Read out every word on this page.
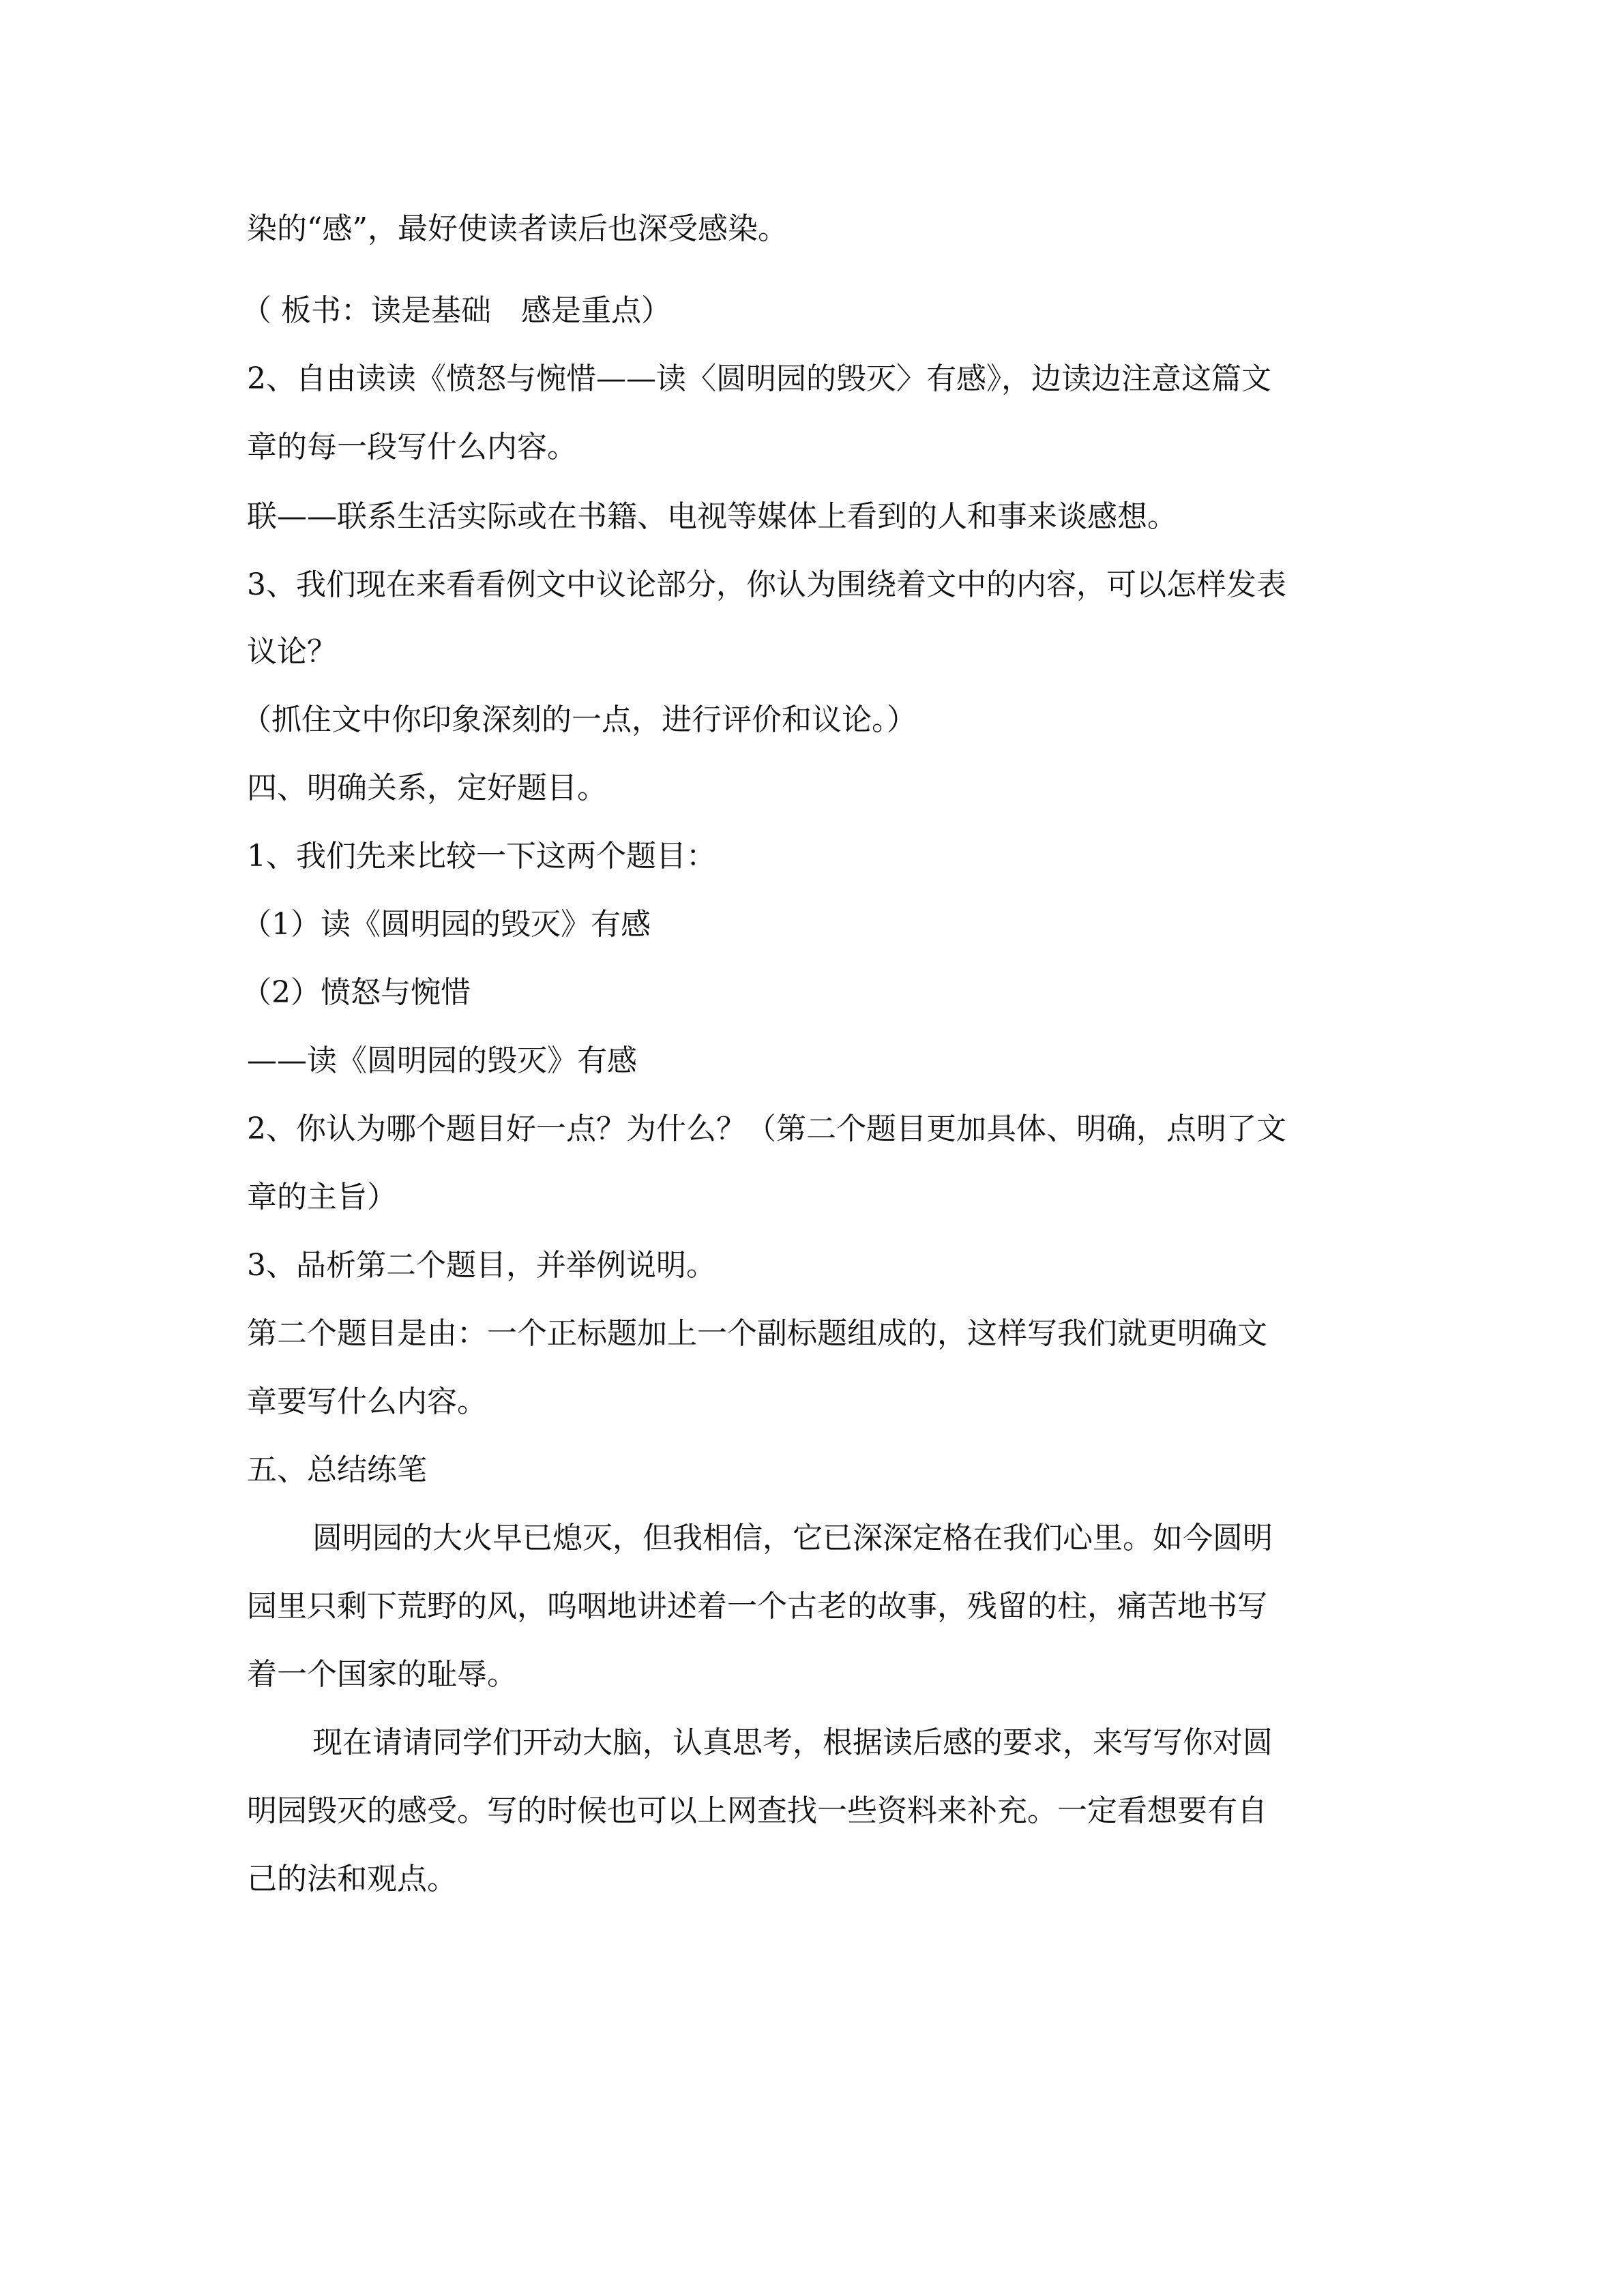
染的“感”，最好使读者读后也深受感染。
（ 板书：读是基础　感是重点）
2、自由读读《愤怒与惋惜——读〈圆明园的毁灭〉有感》，边读边注意这篇文
章的每一段写什么内容。
联——联系生活实际或在书籍、电视等媒体上看到的人和事来谈感想。
3、我们现在来看看例文中议论部分，你认为围绕着文中的内容，可以怎样发表
议论？
（抓住文中你印象深刻的一点，进行评价和议论。）
四、明确关系，定好题目。
1、我们先来比较一下这两个题目：
（1）读《圆明园的毁灭》有感
（2）愤怒与惋惜
——读《圆明园的毁灭》有感
2、你认为哪个题目好一点？为什么？（第二个题目更加具体、明确，点明了文
章的主旨）
3、品析第二个题目，并举例说明。
第二个题目是由：一个正标题加上一个副标题组成的，这样写我们就更明确文
章要写什么内容。
五、总结练笔
圆明园的大火早已熄灭，但我相信，它已深深定格在我们心里。如今圆明
园里只剩下荒野的风，呜咽地讲述着一个古老的故事，残留的柱，痛苦地书写
着一个国家的耻辱。
现在请请同学们开动大脑，认真思考，根据读后感的要求，来写写你对圆
明园毁灭的感受。写的时候也可以上网查找一些资料来补充。一定看想要有自
己的法和观点。
